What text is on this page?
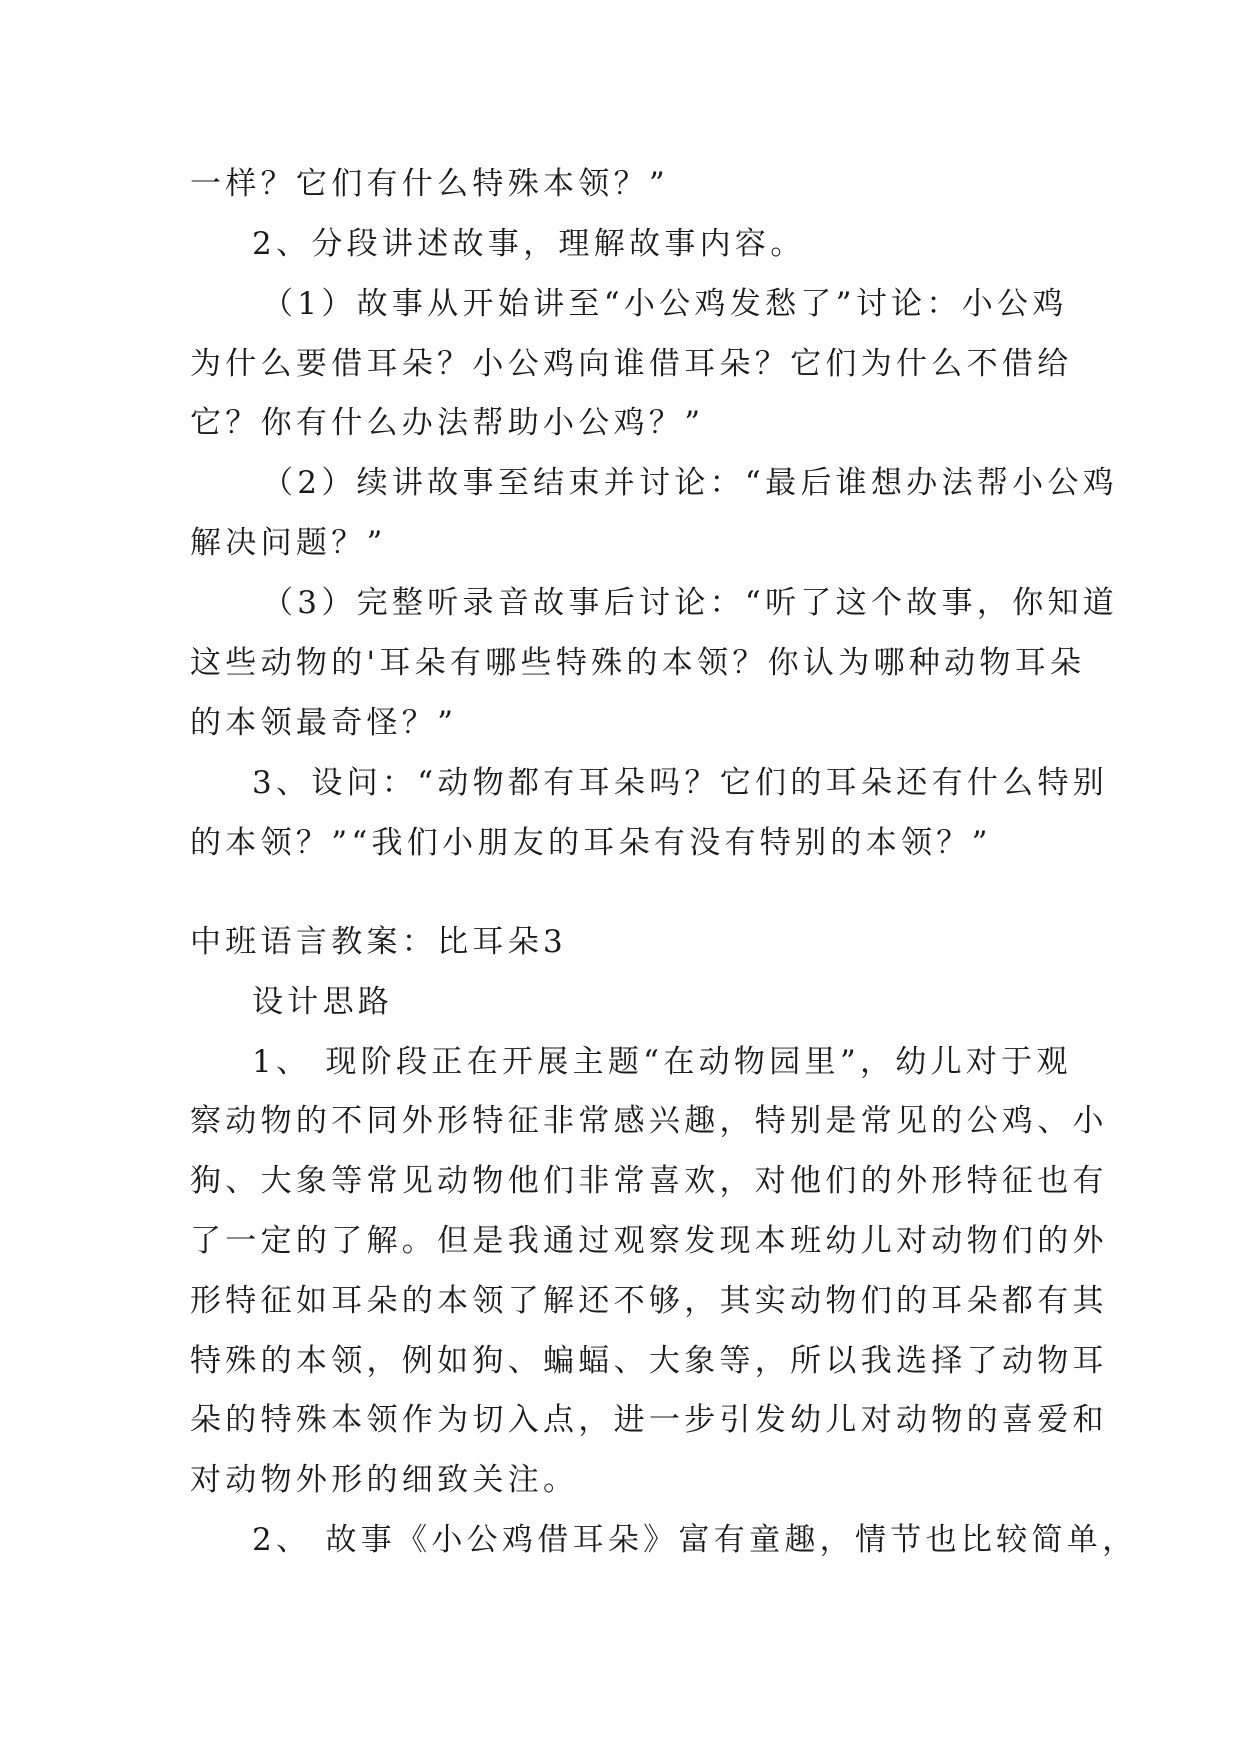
一样？它们有什么特殊本领？”
2、分段讲述故事，理解故事内容。
（1）故事从开始讲至“小公鸡发愁了”讨论：小公鸡
为什么要借耳朵？小公鸡向谁借耳朵？它们为什么不借给
它？你有什么办法帮助小公鸡？”
（2）续讲故事至结束并讨论：“最后谁想办法帮小公鸡
解决问题？”
（3）完整听录音故事后讨论：“听了这个故事，你知道
这些动物的'耳朵有哪些特殊的本领？你认为哪种动物耳朵
的本领最奇怪？”
3、设问：“动物都有耳朵吗？它们的耳朵还有什么特别
的本领？”“我们小朋友的耳朵有没有特别的本领？”
中班语言教案：比耳朵3
设计思路
1、 现阶段正在开展主题“在动物园里”，幼儿对于观
察动物的不同外形特征非常感兴趣，特别是常见的公鸡、小
狗、大象等常见动物他们非常喜欢，对他们的外形特征也有
了一定的了解。但是我通过观察发现本班幼儿对动物们的外
形特征如耳朵的本领了解还不够，其实动物们的耳朵都有其
特殊的本领，例如狗、蝙蝠、大象等，所以我选择了动物耳
朵的特殊本领作为切入点，进一步引发幼儿对动物的喜爱和
对动物外形的细致关注。
2、 故事《小公鸡借耳朵》富有童趣，情节也比较简单，
